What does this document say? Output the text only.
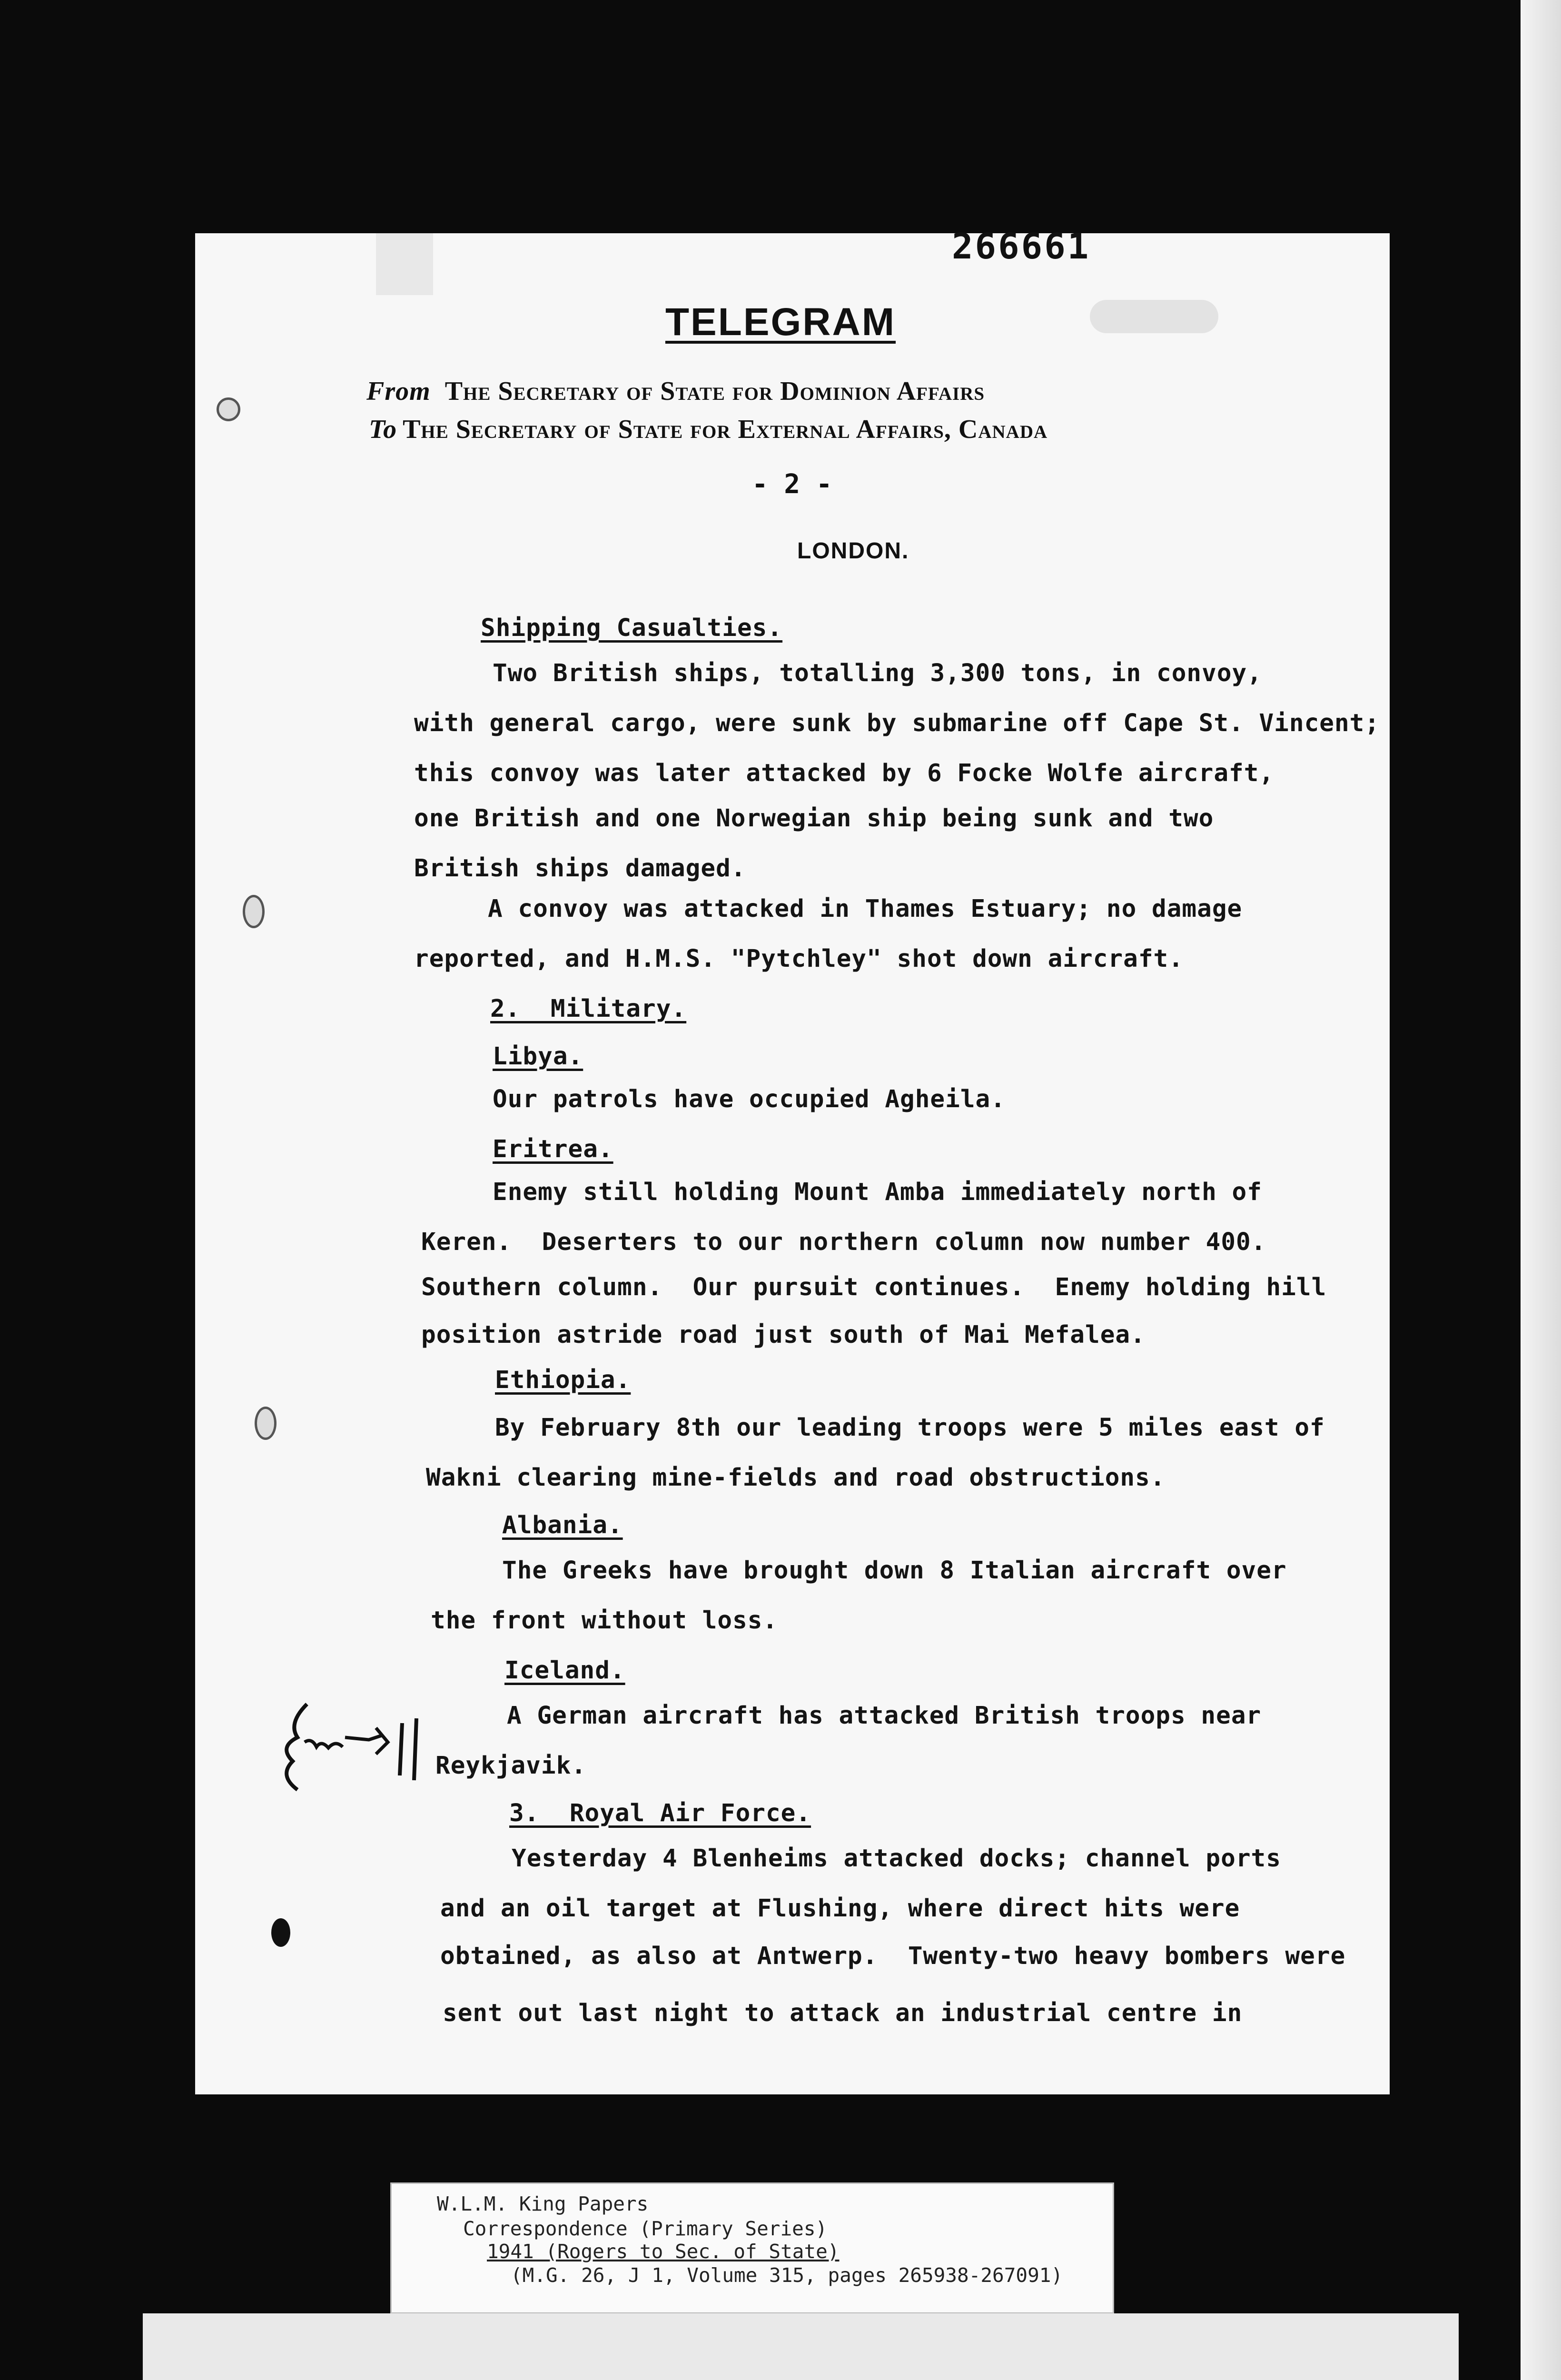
266661
TELEGRAM
From The Secretary of State for Dominion Affairs
To The Secretary of State for External Affairs, Canada
- 2 -
LONDON.
Shipping Casualties.
Two British ships, totalling 3,300 tons, in convoy,
with general cargo, were sunk by submarine off Cape St. Vincent;
this convoy was later attacked by 6 Focke Wolfe aircraft,
one British and one Norwegian ship being sunk and two
British ships damaged.
A convoy was attacked in Thames Estuary; no damage
reported, and H.M.S. "Pytchley" shot down aircraft.
2.  Military.
Libya.
Our patrols have occupied Agheila.
Eritrea.
Enemy still holding Mount Amba immediately north of
Keren.  Deserters to our northern column now number 400.
Southern column.  Our pursuit continues.  Enemy holding hill
position astride road just south of Mai Mefalea.
Ethiopia.
By February 8th our leading troops were 5 miles east of
Wakni clearing mine-fields and road obstructions.
Albania.
The Greeks have brought down 8 Italian aircraft over
the front without loss.
Iceland.
A German aircraft has attacked British troops near
Reykjavik.
3.  Royal Air Force.
Yesterday 4 Blenheims attacked docks; channel ports
and an oil target at Flushing, where direct hits were
obtained, as also at Antwerp.  Twenty-two heavy bombers were
sent out last night to attack an industrial centre in
W.L.M. King Papers
Correspondence (Primary Series)
1941 (Rogers to Sec. of State)
(M.G. 26, J 1, Volume 315, pages 265938-267091)
